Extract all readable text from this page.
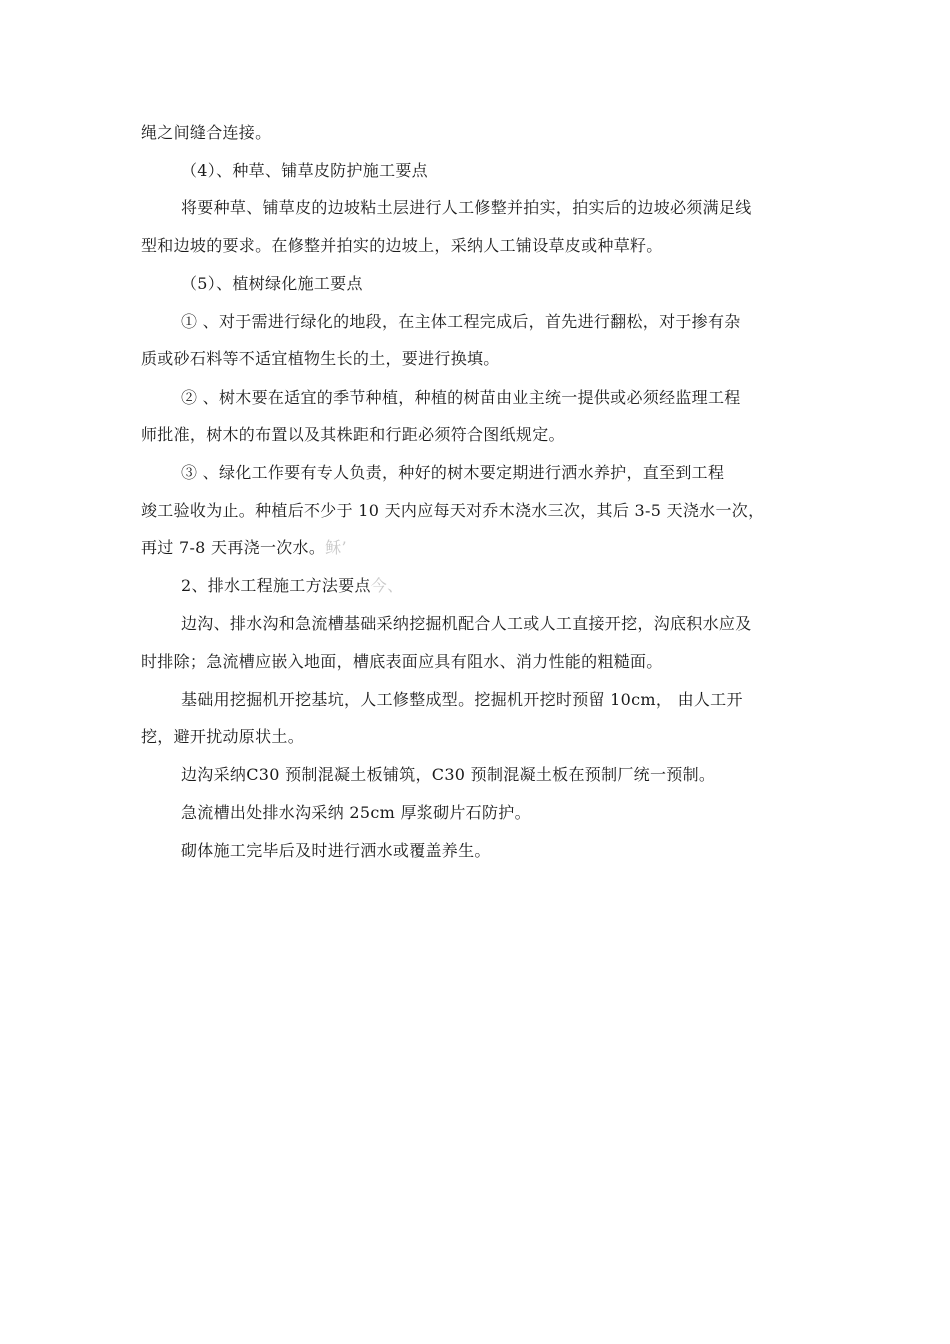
绳之间缝合连接。
（4）、种草、铺草皮防护施工要点
将要种草、铺草皮的边坡粘土层进行人工修整并拍实，拍实后的边坡必须满足线
型和边坡的要求。在修整并拍实的边坡上，采纳人工铺设草皮或种草籽。
（5）、植树绿化施工要点
① 、对于需进行绿化的地段，在主体工程完成后，首先进行翻松，对于掺有杂
质或砂石料等不适宜植物生长的土，要进行换填。
② 、树木要在适宜的季节种植，种植的树苗由业主统一提供或必须经监理工程
师批准，树木的布置以及其株距和行距必须符合图纸规定。
③ 、绿化工作要有专人负责，种好的树木要定期进行洒水养护，直至到工程
竣工验收为止。种植后不少于 10 天内应每天对乔木浇水三次，其后 3-5 天浇水一次，
再过 7-8 天再浇一次水。稣’
2、排水工程施工方法要点今、
边沟、排水沟和急流槽基础采纳挖掘机配合人工或人工直接开挖，沟底积水应及
时排除；急流槽应嵌入地面，槽底表面应具有阻水、消力性能的粗糙面。
基础用挖掘机开挖基坑，人工修整成型。挖掘机开挖时预留 10cm， 由人工开
挖，避开扰动原状土。
边沟采纳C30 预制混凝土板铺筑，C30 预制混凝土板在预制厂统一预制。
急流槽出处排水沟采纳 25cm 厚浆砌片石防护。
砌体施工完毕后及时进行洒水或覆盖养生。
